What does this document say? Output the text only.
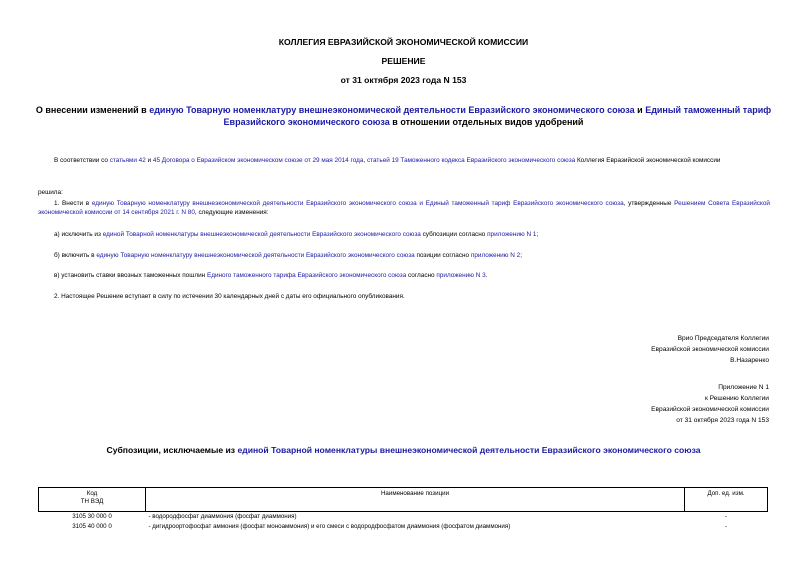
КОЛЛЕГИЯ ЕВРАЗИЙСКОЙ ЭКОНОМИЧЕСКОЙ КОМИССИИ
РЕШЕНИЕ
от 31 октября 2023 года N 153
О внесении изменений в единую Товарную номенклатуру внешнеэкономической деятельности Евразийского экономического союза и Единый таможенный тариф Евразийского экономического союза в отношении отдельных видов удобрений
В соответствии со статьями 42 и 45 Договора о Евразийском экономическом союзе от 29 мая 2014 года, статьей 19 Таможенного кодекса Евразийского экономического союза Коллегия Евразийской экономической комиссии
решила:
1. Внести в единую Товарную номенклатуру внешнеэкономической деятельности Евразийского экономического союза и Единый таможенный тариф Евразийского экономического союза, утвержденные Решением Совета Евразийской экономической комиссии от 14 сентября 2021 г. N 80, следующие изменения:
а) исключить из единой Товарной номенклатуры внешнеэкономической деятельности Евразийского экономического союза субпозиции согласно приложению N 1;
б) включить в единую Товарную номенклатуру внешнеэкономической деятельности Евразийского экономического союза позиции согласно приложению N 2;
в) установить ставки ввозных таможенных пошлин Единого таможенного тарифа Евразийского экономического союза согласно приложению N 3.
2. Настоящее Решение вступает в силу по истечении 30 календарных дней с даты его официального опубликования.
Врио Председателя Коллегии
Евразийской экономической комиссии
В.Назаренко
Приложение N 1
к Решению Коллегии
Евразийской экономической комиссии
от 31 октября 2023 года N 153
Субпозиции, исключаемые из единой Товарной номенклатуры внешнеэкономической деятельности Евразийского экономического союза
Код
ТН ВЭД	Наименование позиции	Доп. ед. изм.
3105 30 000 0	- водородфосфат диаммония (фосфат диаммония)	-
3105 40 000 0	- дигидроортофосфат аммония (фосфат моноаммония) и его смеси с водородфосфатом диаммония (фосфатом диаммония)	-
